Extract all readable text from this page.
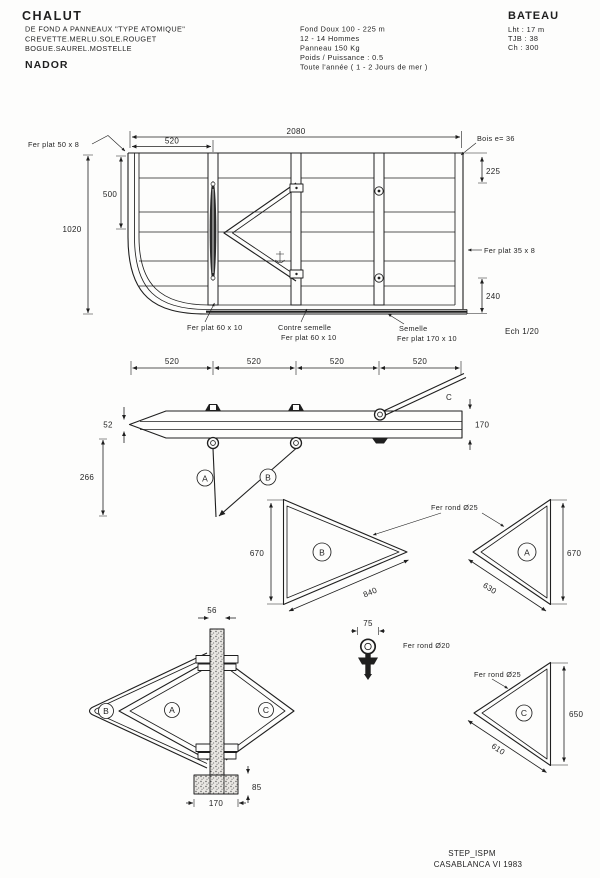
CHALUT
DE FOND A PANNEAUX "TYPE ATOMIQUE"
CREVETTE.MERLU.SOLE.ROUGET
BOGUE.SAUREL.MOSTELLE
NADOR
Fond Doux 100 - 225 m
12 - 14 Hommes
Panneau 150 Kg
Poids / Puissance : 0.5
Toute l'année ( 1 - 2 Jours de mer )
BATEAU
Lht : 17 m
TJB : 38
Ch : 300
2080
520
500
1020
225
240
Fer plat 50 x 8
Bois e= 36
Fer plat 35 x 8
Fer plat 60 x 10	Contre semelle
Fer plat 60 x 10
Semelle
Fer plat 170 x 10
Ech 1/20
520	520	520	520
C
52	170
266	A	B
B
670
840
A	670
630
Fer rond Ø25
75
Fer rond Ø20
56
B	A	C
85
170
Fer rond Ø25
C	650
610
STEP_ISPM
CASABLANCA VI 1983
